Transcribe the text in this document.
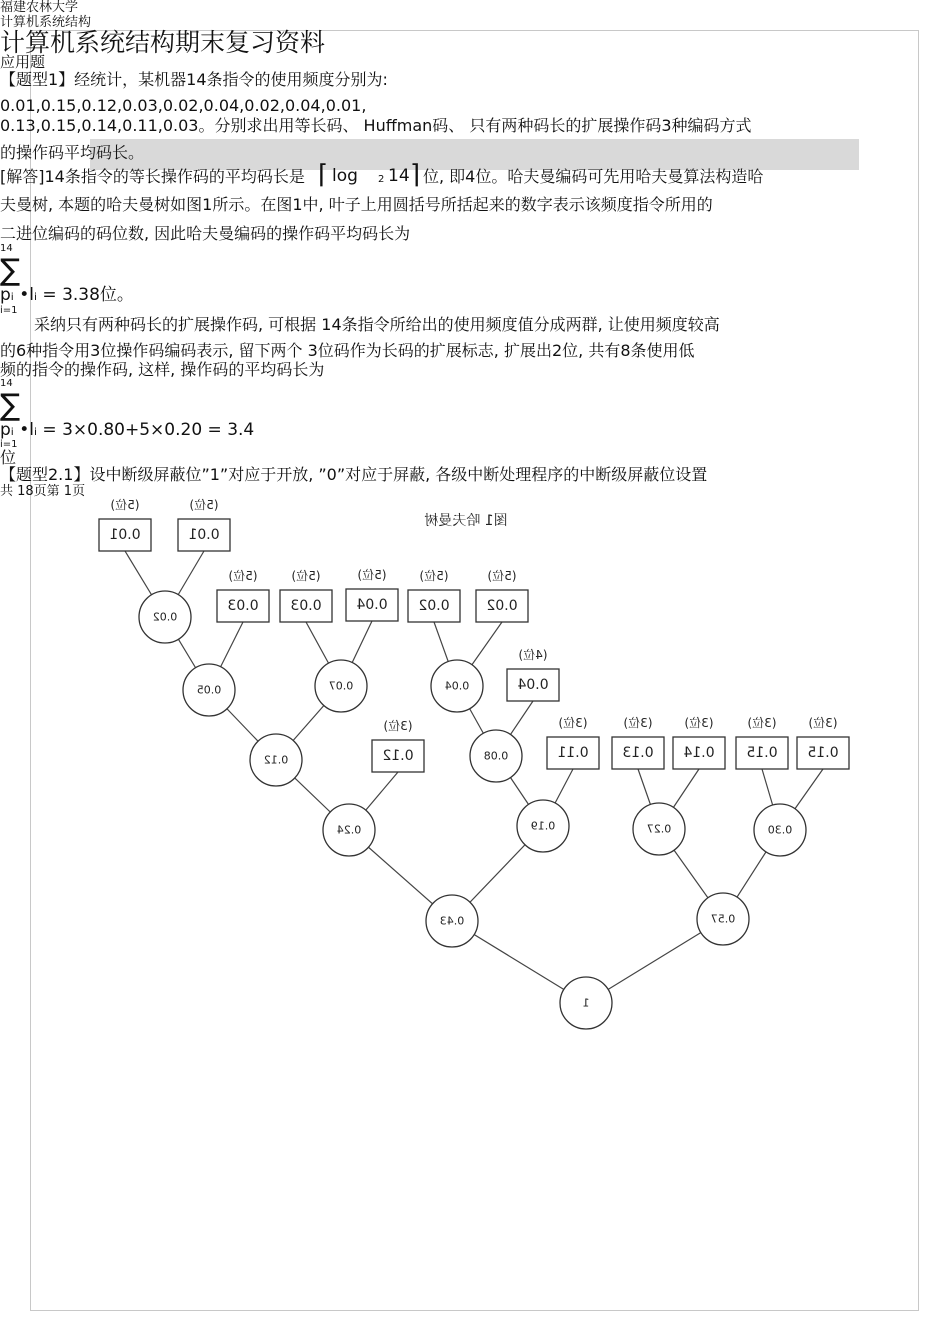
福建农林大学
计算机系统结构
计算机系统结构期末复习资料
应用题
【题型1】经统计，某机器14条指令的使用频度分别为:
0.01,0.15,0.12,0.03,0.02,0.04,0.02,0.04,0.01,
0.13,0.15,0.14,0.11,0.03。分别求出用等长码、 Huffman码、 只有两种码长的扩展操作码3种编码方式
的操作码平均码长。
[解答]14条指令的等长操作码的平均码长是 ⌈ log 2 14 ⌉ 位, 即4位。哈夫曼编码可先用哈夫曼算法构造哈
夫曼树, 本题的哈夫曼树如图1所示。在图1中, 叶子上用圆括号所括起来的数字表示该频度指令所用的
二进位编码的码位数, 因此哈夫曼编码的操作码平均码长为
14
∑
pᵢ •lᵢ = 3.38位。
i=1
采纳只有两种码长的扩展操作码, 可根据 14条指令所给出的使用频度值分成两群, 让使用频度较高
的6种指令用3位操作码编码表示, 留下两个 3位码作为长码的扩展标志, 扩展出2位, 共有8条使用低
频的指令的操作码, 这样, 操作码的平均码长为
14
∑
pᵢ •lᵢ = 3×0.80+5×0.20 = 3.4
i=1
位
【题型2.1】设中断级屏蔽位”1”对应于开放, ”0”对应于屏蔽, 各级中断处理程序的中断级屏蔽位设置
共 18页第 1页
0.02
0.05	0.07	0.04
0.12	0.08
0.24	0.19	0.27	0.30
0.43	0.57
1
0.01
(5位)
0.01
(5位)
0.03
(5位)
0.03
(5位)
0.04
(5位)
0.02
(5位)
0.02
(5位)
0.04
(4位)
0.12
(3位)
0.11
(3位)
0.13
(3位)
0.14
(3位)
0.15
(3位)
0.15
(3位)
图1 哈夫曼树
